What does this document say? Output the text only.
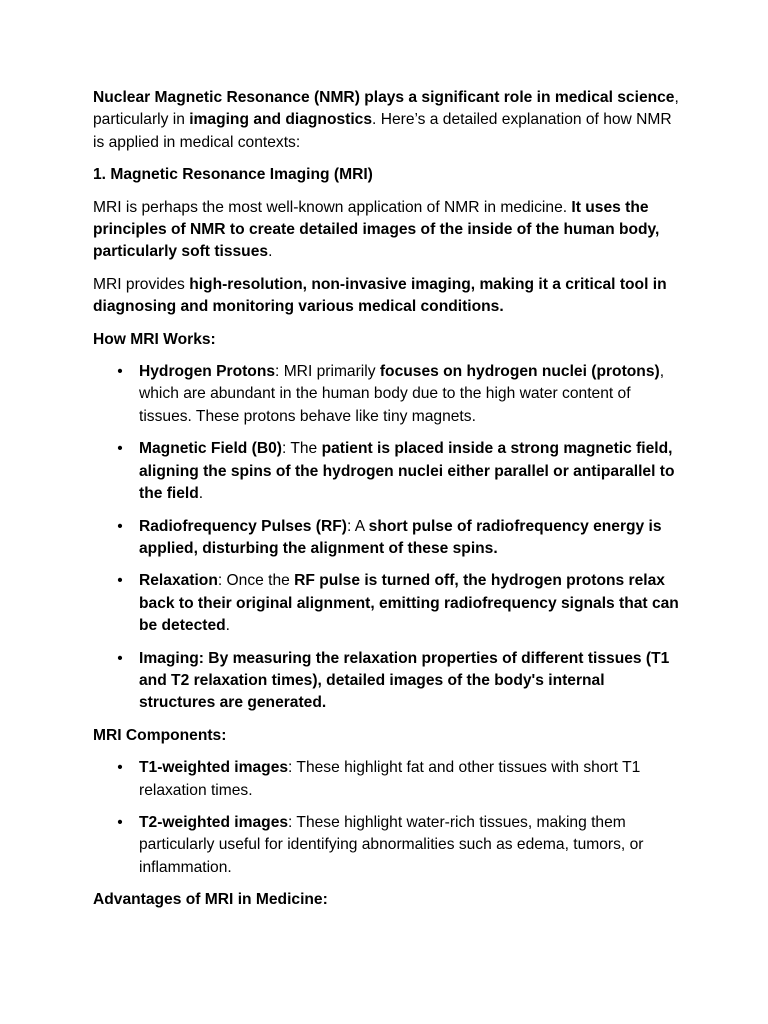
Nuclear Magnetic Resonance (NMR) plays a significant role in medical science, particularly in imaging and diagnostics. Here’s a detailed explanation of how NMR is applied in medical contexts:

1. Magnetic Resonance Imaging (MRI)

MRI is perhaps the most well-known application of NMR in medicine. It uses the principles of NMR to create detailed images of the inside of the human body, particularly soft tissues.

MRI provides high-resolution, non-invasive imaging, making it a critical tool in diagnosing and monitoring various medical conditions.

How MRI Works:

• Hydrogen Protons: MRI primarily focuses on hydrogen nuclei (protons), which are abundant in the human body due to the high water content of tissues. These protons behave like tiny magnets.
• Magnetic Field (B0): The patient is placed inside a strong magnetic field, aligning the spins of the hydrogen nuclei either parallel or antiparallel to the field.
• Radiofrequency Pulses (RF): A short pulse of radiofrequency energy is applied, disturbing the alignment of these spins.
• Relaxation: Once the RF pulse is turned off, the hydrogen protons relax back to their original alignment, emitting radiofrequency signals that can be detected.
• Imaging: By measuring the relaxation properties of different tissues (T1 and T2 relaxation times), detailed images of the body's internal structures are generated.

MRI Components:

• T1-weighted images: These highlight fat and other tissues with short T1 relaxation times.
• T2-weighted images: These highlight water-rich tissues, making them particularly useful for identifying abnormalities such as edema, tumors, or inflammation.

Advantages of MRI in Medicine:
